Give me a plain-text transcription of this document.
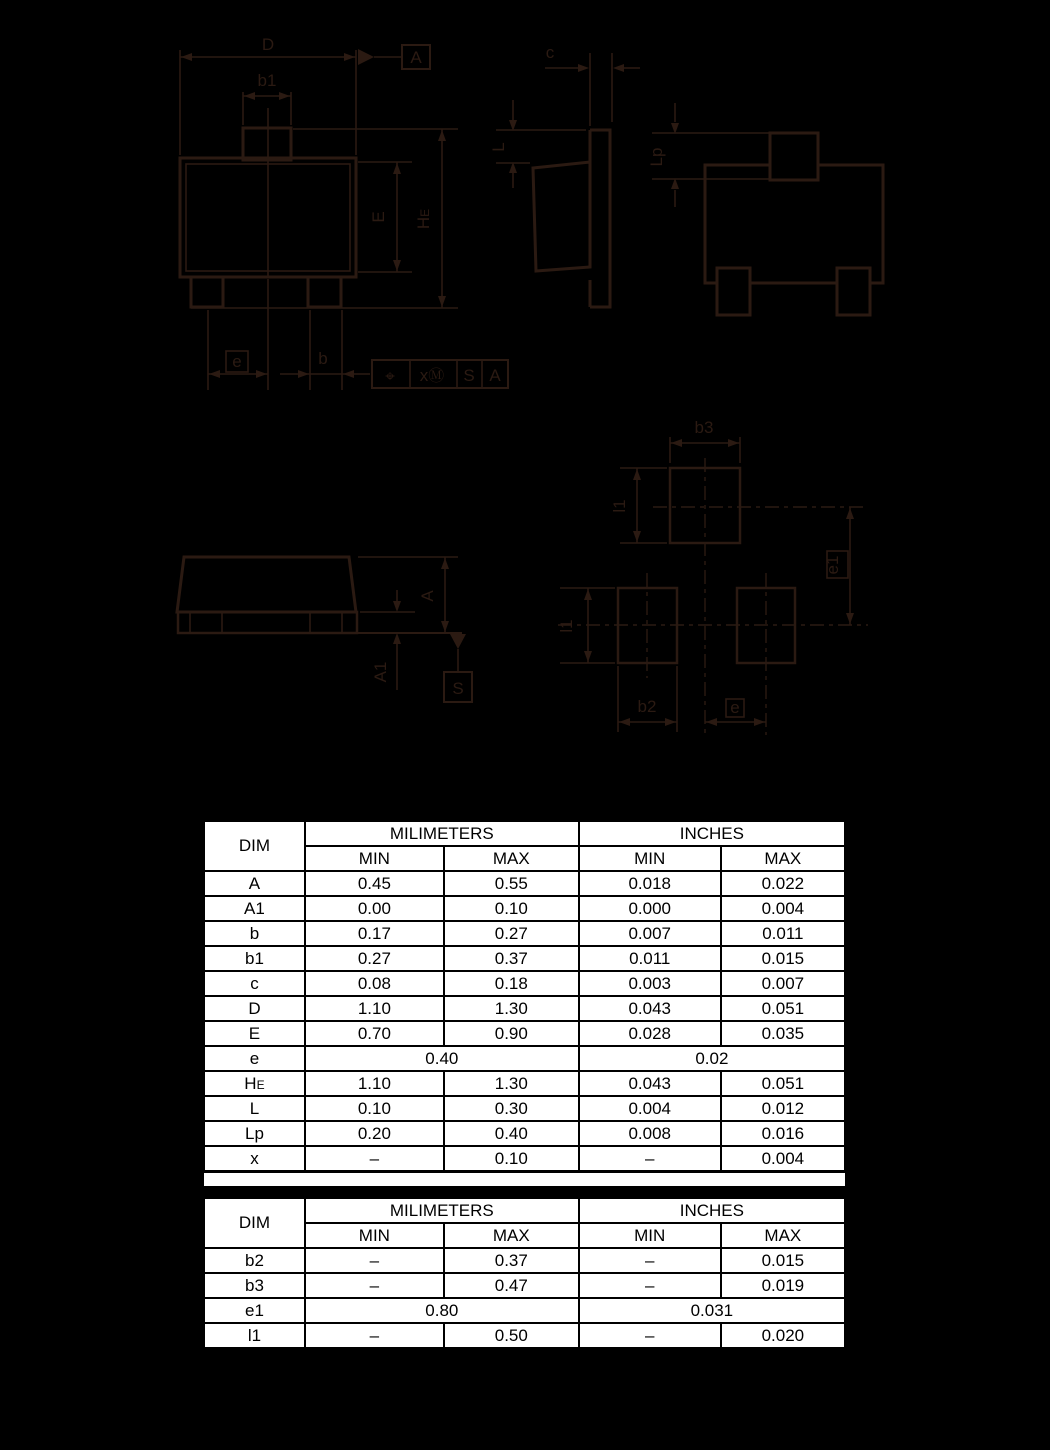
D
A
b1
E HE
e	b
⌖ xⓂ S A
c
L
Lp
A
A1
S
b3
l1
l1
e1
b2	e
DIM	MILIMETERS		INCHES	
	MIN	MAX	MIN	MAX
A	0.45	0.55	0.018	0.022
A1	0.00	0.10	0.000	0.004
b	0.17	0.27	0.007	0.011
b1	0.27	0.37	0.011	0.015
c	0.08	0.18	0.003	0.007
D	1.10	1.30	0.043	0.051
E	0.70	0.90	0.028	0.035
e	0.40		0.02	
HE	1.10	1.30	0.043	0.051
L	0.10	0.30	0.004	0.012
Lp	0.20	0.40	0.008	0.016
x	–	0.10	–	0.004
DIM	MILIMETERS		INCHES	
	MIN	MAX	MIN	MAX
b2	–	0.37	–	0.015
b3	–	0.47	–	0.019
e1	0.80		0.031	
l1	–	0.50	–	0.020
